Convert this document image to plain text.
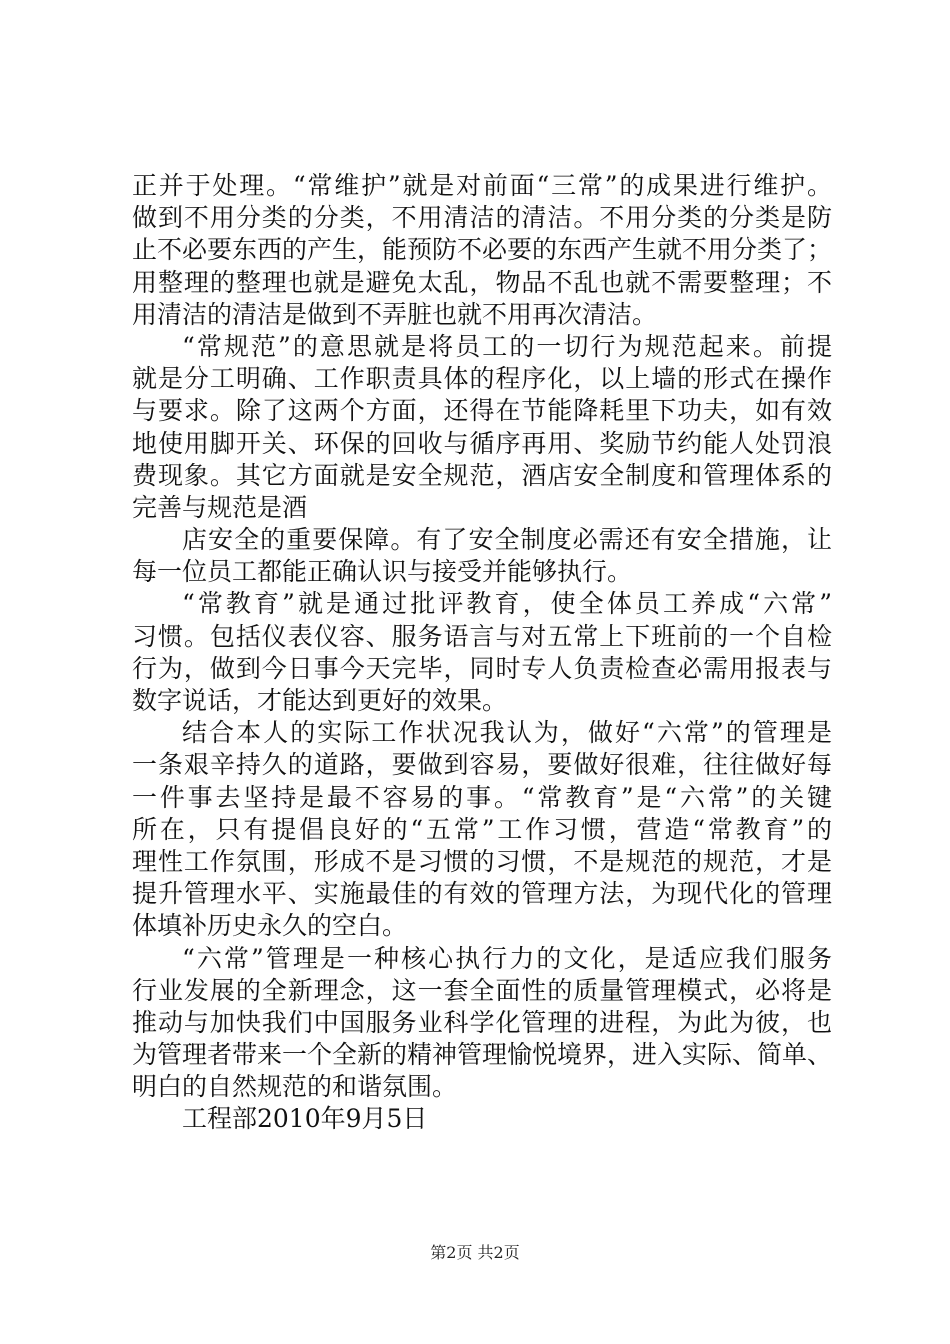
正并于处理。“常维护”就是对前面“三常”的成果进行维护。
做到不用分类的分类，不用清洁的清洁。不用分类的分类是防
止不必要东西的产生，能预防不必要的东西产生就不用分类了；
用整理的整理也就是避免太乱，物品不乱也就不需要整理；不
用清洁的清洁是做到不弄脏也就不用再次清洁。
“常规范”的意思就是将员工的一切行为规范起来。前提
就是分工明确、工作职责具体的程序化，以上墙的形式在操作
与要求。除了这两个方面，还得在节能降耗里下功夫，如有效
地使用脚开关、环保的回收与循序再用、奖励节约能人处罚浪
费现象。其它方面就是安全规范，酒店安全制度和管理体系的
完善与规范是酒
店安全的重要保障。有了安全制度必需还有安全措施，让
每一位员工都能正确认识与接受并能够执行。
“常教育”就是通过批评教育，使全体员工养成“六常”
习惯。包括仪表仪容、服务语言与对五常上下班前的一个自检
行为，做到今日事今天完毕，同时专人负责检查必需用报表与
数字说话，才能达到更好的效果。
结合本人的实际工作状况我认为，做好“六常”的管理是
一条艰辛持久的道路，要做到容易，要做好很难，往往做好每
一件事去坚持是最不容易的事。“常教育”是“六常”的关键
所在，只有提倡良好的“五常”工作习惯，营造“常教育”的
理性工作氛围，形成不是习惯的习惯，不是规范的规范，才是
提升管理水平、实施最佳的有效的管理方法，为现代化的管理
体填补历史永久的空白。
“六常”管理是一种核心执行力的文化，是适应我们服务
行业发展的全新理念，这一套全面性的质量管理模式，必将是
推动与加快我们中国服务业科学化管理的进程，为此为彼，也
为管理者带来一个全新的精神管理愉悦境界，进入实际、简单、
明白的自然规范的和谐氛围。
工程部2010年9月5日
第2页 共2页
